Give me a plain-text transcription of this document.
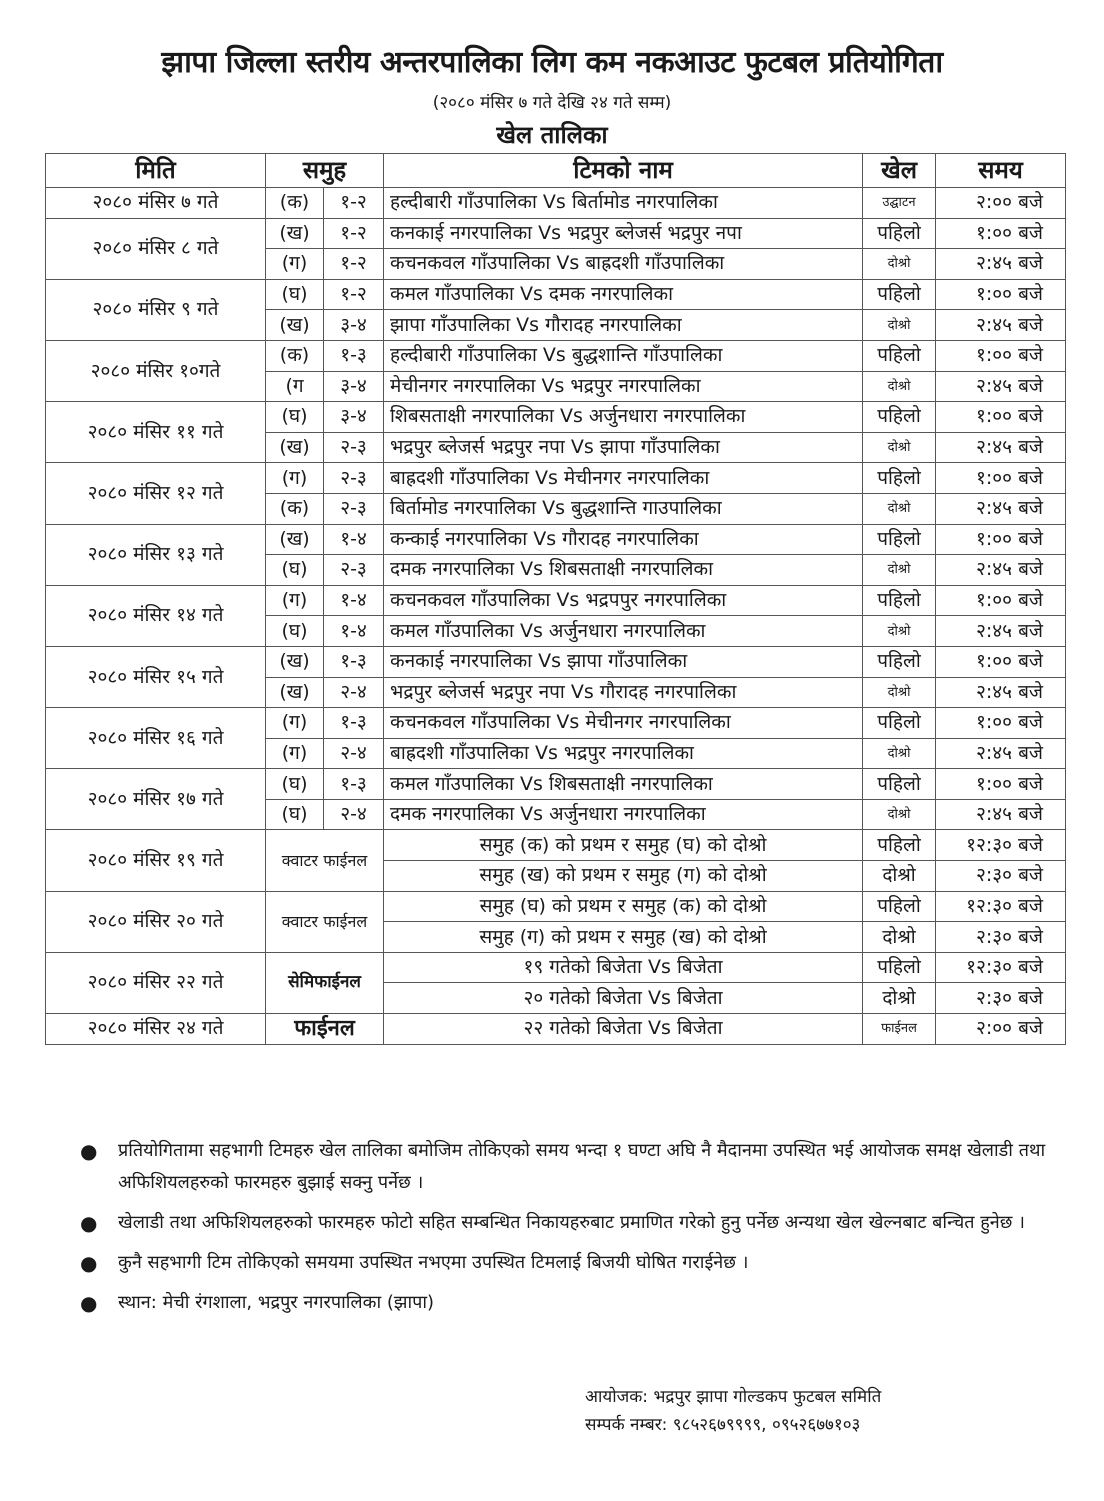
झापा जिल्ला स्तरीय अन्तरपालिका लिग कम नकआउट फुटबल प्रतियोगिता
(२०८० मंसिर ७ गते देखि २४ गते सम्म)
खेल तालिका
मिति	समुह		टिमको नाम	खेल	समय
२०८० मंसिर ७ गते	(क)	१-२	हल्दीबारी गाँउपालिका Vs बिर्तामोड नगरपालिका	उद्घाटन	२:०० बजे
२०८० मंसिर ८ गते	(ख)	१-२	कनकाई नगरपालिका Vs भद्रपुर ब्लेजर्स भद्रपुर नपा	पहिलो	१:०० बजे
	(ग)	१-२	कचनकवल गाँउपालिका Vs बाह्रदशी गाँउपालिका	दोश्रो	२:४५ बजे
२०८० मंसिर ९ गते	(घ)	१-२	कमल गाँउपालिका Vs दमक नगरपालिका	पहिलो	१:०० बजे
	(ख)	३-४	झापा गाँउपालिका Vs गौरादह नगरपालिका	दोश्रो	२:४५ बजे
२०८० मंसिर १०गते	(क)	१-३	हल्दीबारी गाँउपालिका Vs बुद्धशान्ति गाँउपालिका	पहिलो	१:०० बजे
	(ग	३-४	मेचीनगर नगरपालिका Vs भद्रपुर नगरपालिका	दोश्रो	२:४५ बजे
२०८० मंसिर ११ गते	(घ)	३-४	शिबसताक्षी नगरपालिका Vs अर्जुनधारा नगरपालिका	पहिलो	१:०० बजे
	(ख)	२-३	भद्रपुर ब्लेजर्स भद्रपुर नपा Vs झापा गाँउपालिका	दोश्रो	२:४५ बजे
२०८० मंसिर १२ गते	(ग)	२-३	बाह्रदशी गाँउपालिका Vs मेचीनगर नगरपालिका	पहिलो	१:०० बजे
	(क)	२-३	बिर्तामोड नगरपालिका Vs बुद्धशान्ति गाउपालिका	दोश्रो	२:४५ बजे
२०८० मंसिर १३ गते	(ख)	१-४	कन्काई नगरपालिका Vs गौरादह नगरपालिका	पहिलो	१:०० बजे
	(घ)	२-३	दमक नगरपालिका Vs शिबसताक्षी नगरपालिका	दोश्रो	२:४५ बजे
२०८० मंसिर १४ गते	(ग)	१-४	कचनकवल गाँउपालिका Vs भद्रपपुर नगरपालिका	पहिलो	१:०० बजे
	(घ)	१-४	कमल गाँउपालिका Vs अर्जुनधारा नगरपालिका	दोश्रो	२:४५ बजे
२०८० मंसिर १५ गते	(ख)	१-३	कनकाई नगरपालिका Vs झापा गाँउपालिका	पहिलो	१:०० बजे
	(ख)	२-४	भद्रपुर ब्लेजर्स भद्रपुर नपा Vs गौरादह नगरपालिका	दोश्रो	२:४५ बजे
२०८० मंसिर १६ गते	(ग)	१-३	कचनकवल गाँउपालिका Vs मेचीनगर नगरपालिका	पहिलो	१:०० बजे
	(ग)	२-४	बाह्रदशी गाँउपालिका Vs भद्रपुर नगरपालिका	दोश्रो	२:४५ बजे
२०८० मंसिर १७ गते	(घ)	१-३	कमल गाँउपालिका Vs शिबसताक्षी नगरपालिका	पहिलो	१:०० बजे
	(घ)	२-४	दमक नगरपालिका Vs अर्जुनधारा नगरपालिका	दोश्रो	२:४५ बजे
२०८० मंसिर १९ गते	क्वाटर फाईनल		समुह (क) को प्रथम र समुह (घ) को दोश्रो	पहिलो	१२:३० बजे
			समुह (ख) को प्रथम र समुह (ग) को दोश्रो	दोश्रो	२:३० बजे
२०८० मंसिर २० गते	क्वाटर फाईनल		समुह (घ) को प्रथम र समुह (क) को दोश्रो	पहिलो	१२:३० बजे
			समुह (ग) को प्रथम र समुह (ख) को दोश्रो	दोश्रो	२:३० बजे
२०८० मंसिर २२ गते	सेमिफाईनल		१९ गतेको बिजेता Vs बिजेता	पहिलो	१२:३० बजे
			२० गतेको बिजेता Vs बिजेता	दोश्रो	२:३० बजे
२०८० मंसिर २४ गते	फाईनल		२२ गतेको बिजेता Vs बिजेता	फाईनल	२:०० बजे
●	प्रतियोगितामा सहभागी टिमहरु खेल तालिका बमोजिम तोकिएको समय भन्दा १ घण्टा अघि नै मैदानमा उपस्थित भई आयोजक समक्ष खेलाडी तथा अफिशियलहरुको फारमहरु बुझाई सक्नु पर्नेछ ।
●	खेलाडी तथा अफिशियलहरुको फारमहरु फोटो सहित सम्बन्धित निकायहरुबाट प्रमाणित गरेको हुनु पर्नेछ अन्यथा खेल खेल्नबाट बन्चित हुनेछ ।
●	कुनै सहभागी टिम तोकिएको समयमा उपस्थित नभएमा उपस्थित टिमलाई बिजयी घोषित गराईनेछ ।
●	स्थान: मेची रंगशाला, भद्रपुर नगरपालिका (झापा)
आयोजक: भद्रपुर झापा गोल्डकप फुटबल समिति
सम्पर्क नम्बर: ९८५२६७९९९९, ०९५२६७७१०३
